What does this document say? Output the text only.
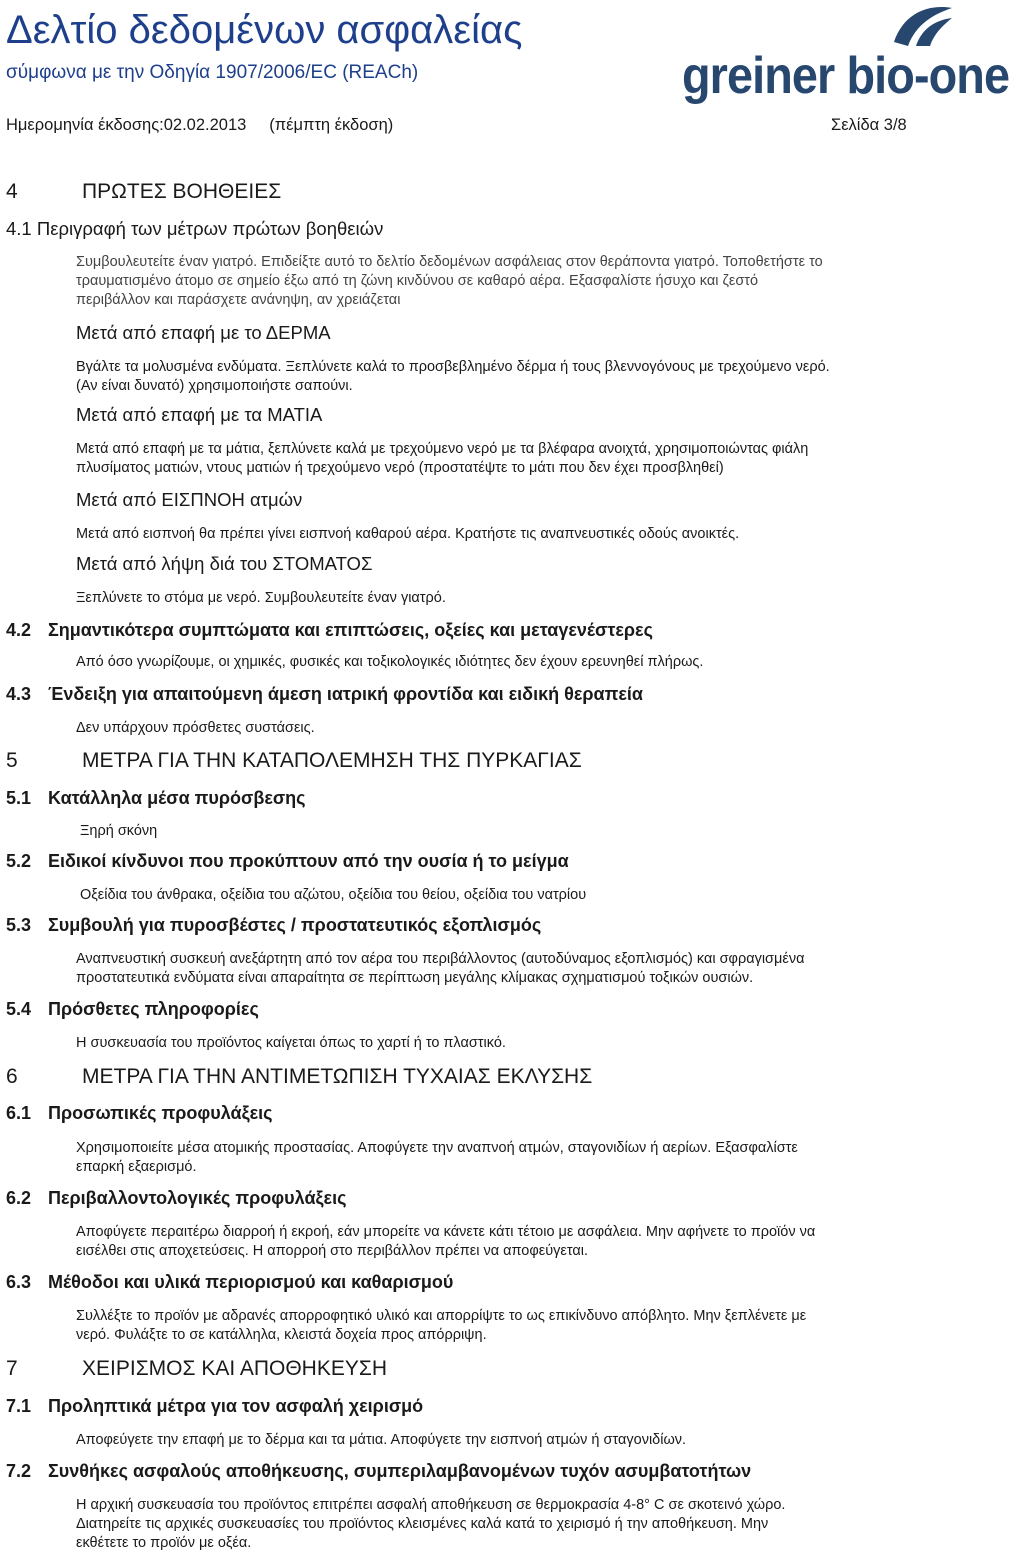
Δελτίο δεδομένων ασφαλείας
σύμφωνα με την Οδηγία 1907/2006/EC (REACh)	greiner bio-one
Ημερομηνία έκδοσης:02.02.2013     (πέμπτη έκδοση)	Σελίδα 3/8
4	ΠΡΩΤΕΣ ΒΟΗΘΕΙΕΣ
4.1 Περιγραφή των μέτρων πρώτων βοηθειών
Συμβουλευτείτε έναν γιατρό. Επιδείξτε αυτό το δελτίο δεδομένων ασφάλειας στον θεράποντα γιατρό. Τοποθετήστε το
τραυματισμένο άτομο σε σημείο έξω από τη ζώνη κινδύνου σε καθαρό αέρα. Εξασφαλίστε ήσυχο και ζεστό
περιβάλλον και παράσχετε ανάνηψη, αν χρειάζεται
Μετά από επαφή με το ΔΕΡΜΑ
Βγάλτε τα μολυσμένα ενδύματα. Ξεπλύνετε καλά το προσβεβλημένο δέρμα ή τους βλεννογόνους με τρεχούμενο νερό.
(Αν είναι δυνατό) χρησιμοποιήστε σαπούνι.
Μετά από επαφή με τα ΜΑΤΙΑ
Μετά από επαφή με τα μάτια, ξεπλύνετε καλά με τρεχούμενο νερό με τα βλέφαρα ανοιχτά, χρησιμοποιώντας φιάλη
πλυσίματος ματιών, ντους ματιών ή τρεχούμενο νερό (προστατέψτε το μάτι που δεν έχει προσβληθεί)
Μετά από ΕΙΣΠΝΟΗ ατμών
Μετά από εισπνοή θα πρέπει γίνει εισπνοή καθαρού αέρα. Κρατήστε τις αναπνευστικές οδούς ανοικτές.
Μετά από λήψη διά του ΣΤΟΜΑΤΟΣ
Ξεπλύνετε το στόμα με νερό. Συμβουλευτείτε έναν γιατρό.
4.2 Σημαντικότερα συμπτώματα και επιπτώσεις, οξείες και μεταγενέστερες
Από όσο γνωρίζουμε, οι χημικές, φυσικές και τοξικολογικές ιδιότητες δεν έχουν ερευνηθεί πλήρως.
4.3 Ένδειξη για απαιτούμενη άμεση ιατρική φροντίδα και ειδική θεραπεία
Δεν υπάρχουν πρόσθετες συστάσεις.
5	ΜΕΤΡΑ ΓΙΑ ΤΗΝ ΚΑΤΑΠΟΛΕΜΗΣΗ ΤΗΣ ΠΥΡΚΑΓΙΑΣ
5.1 Κατάλληλα μέσα πυρόσβεσης
Ξηρή σκόνη
5.2 Ειδικοί κίνδυνοι που προκύπτουν από την ουσία ή το μείγμα
Οξείδια του άνθρακα, οξείδια του αζώτου, οξείδια του θείου, οξείδια του νατρίου
5.3 Συμβουλή για πυροσβέστες / προστατευτικός εξοπλισμός
Αναπνευστική συσκευή ανεξάρτητη από τον αέρα του περιβάλλοντος (αυτοδύναμος εξοπλισμός) και σφραγισμένα
προστατευτικά ενδύματα είναι απαραίτητα σε περίπτωση μεγάλης κλίμακας σχηματισμού τοξικών ουσιών.
5.4 Πρόσθετες πληροφορίες
Η συσκευασία του προϊόντος καίγεται όπως το χαρτί ή το πλαστικό.
6	ΜΕΤΡΑ ΓΙΑ ΤΗΝ ΑΝΤΙΜΕΤΩΠΙΣΗ ΤΥΧΑΙΑΣ ΕΚΛΥΣΗΣ
6.1 Προσωπικές προφυλάξεις
Χρησιμοποιείτε μέσα ατομικής προστασίας. Αποφύγετε την αναπνοή ατμών, σταγονιδίων ή αερίων. Εξασφαλίστε
επαρκή εξαερισμό.
6.2 Περιβαλλοντολογικές προφυλάξεις
Αποφύγετε περαιτέρω διαρροή ή εκροή, εάν μπορείτε να κάνετε κάτι τέτοιο με ασφάλεια. Μην αφήνετε το προϊόν να
εισέλθει στις αποχετεύσεις. Η απορροή στο περιβάλλον πρέπει να αποφεύγεται.
6.3 Μέθοδοι και υλικά περιορισμού και καθαρισμού
Συλλέξτε το προϊόν με αδρανές απορροφητικό υλικό και απορρίψτε το ως επικίνδυνο απόβλητο. Μην ξεπλένετε με
νερό. Φυλάξτε το σε κατάλληλα, κλειστά δοχεία προς απόρριψη.
7	ΧΕΙΡΙΣΜΟΣ ΚΑΙ ΑΠΟΘΗΚΕΥΣΗ
7.1 Προληπτικά μέτρα για τον ασφαλή χειρισμό
Αποφεύγετε την επαφή με το δέρμα και τα μάτια. Αποφύγετε την εισπνοή ατμών ή σταγονιδίων.
7.2 Συνθήκες ασφαλούς αποθήκευσης, συμπεριλαμβανομένων τυχόν ασυμβατοτήτων
Η αρχική συσκευασία του προϊόντος επιτρέπει ασφαλή αποθήκευση σε θερμοκρασία 4-8° C σε σκοτεινό χώρο.
Διατηρείτε τις αρχικές συσκευασίες του προϊόντος κλεισμένες καλά κατά το χειρισμό ή την αποθήκευση. Μην
εκθέτετε το προϊόν με οξέα.
